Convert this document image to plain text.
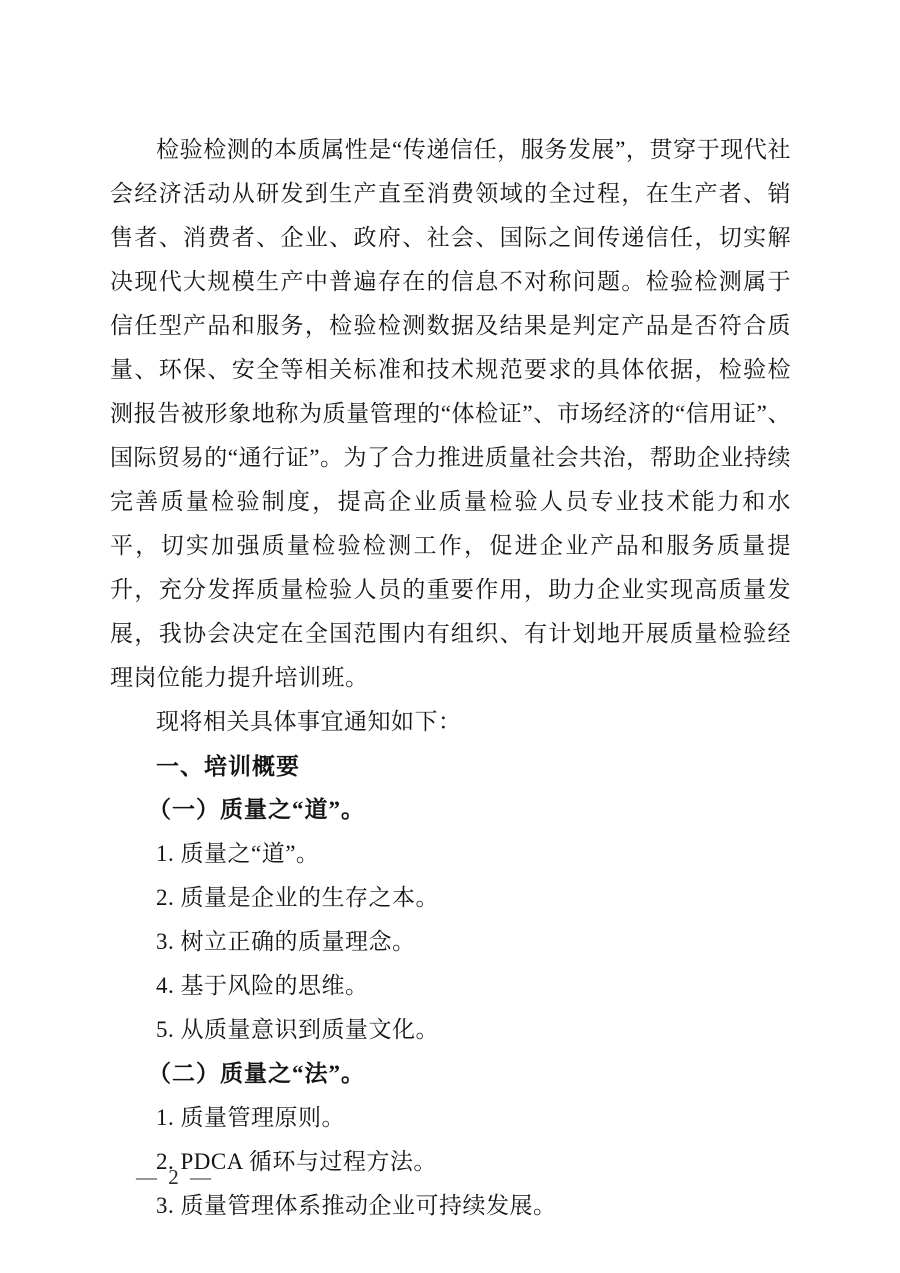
检验检测的本质属性是“传递信任，服务发展”，贯穿于现代社会经济活动从研发到生产直至消费领域的全过程，在生产者、销售者、消费者、企业、政府、社会、国际之间传递信任，切实解决现代大规模生产中普遍存在的信息不对称问题。检验检测属于信任型产品和服务，检验检测数据及结果是判定产品是否符合质量、环保、安全等相关标准和技术规范要求的具体依据，检验检测报告被形象地称为质量管理的“体检证”、市场经济的“信用证”、国际贸易的“通行证”。为了合力推进质量社会共治，帮助企业持续完善质量检验制度，提高企业质量检验人员专业技术能力和水平，切实加强质量检验检测工作，促进企业产品和服务质量提升，充分发挥质量检验人员的重要作用，助力企业实现高质量发展，我协会决定在全国范围内有组织、有计划地开展质量检验经理岗位能力提升培训班。

现将相关具体事宜通知如下：

一、培训概要

（一）质量之“道”。

1. 质量之“道”。

2. 质量是企业的生存之本。

3. 树立正确的质量理念。

4. 基于风险的思维。

5. 从质量意识到质量文化。

（二）质量之“法”。

1. 质量管理原则。

2. PDCA 循环与过程方法。

3. 质量管理体系推动企业可持续发展。

— 2 —
